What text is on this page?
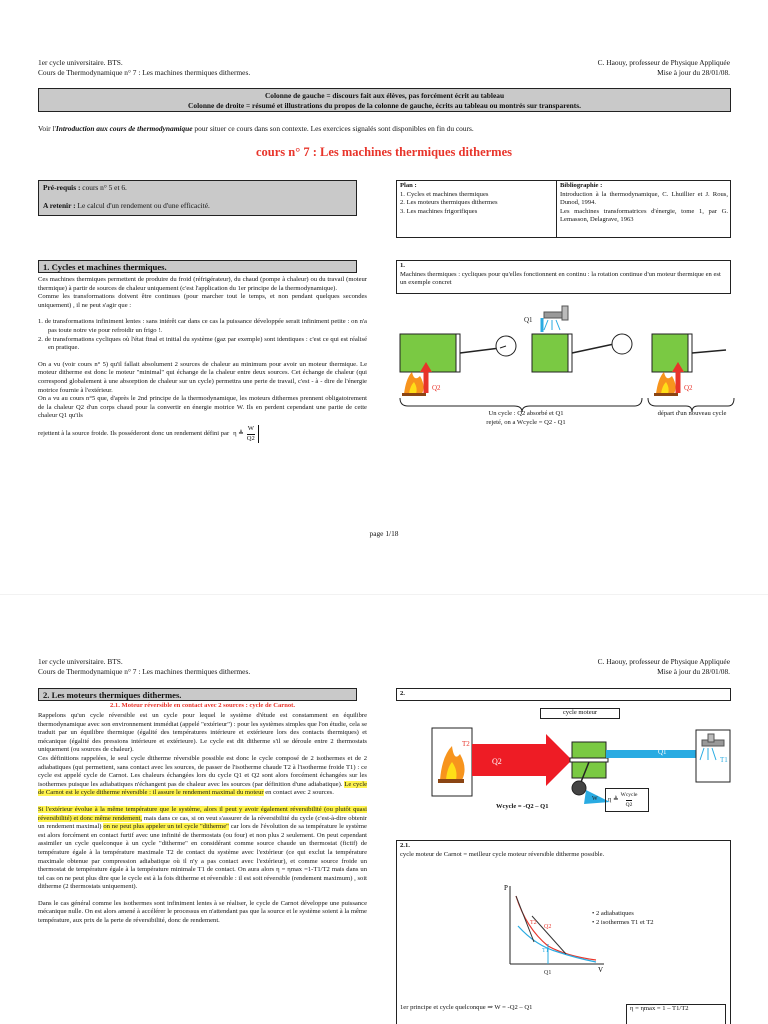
1er cycle universitaire. BTS.
Cours de Thermodynamique n° 7 : Les machines thermiques dithermes.
C. Haouy, professeur de Physique Appliquée
Mise à jour du 28/01/08.
Colonne de gauche = discours fait aux élèves, pas forcément écrit au tableau
Colonne de droite = résumé et illustrations du propos de la colonne de gauche, écrits au tableau ou montrés sur transparents.
Voir l'Introduction aux cours de thermodynamique pour situer ce cours dans son contexte. Les exercices signalés sont disponibles en fin du cours.
cours n° 7 : Les machines thermiques dithermes
Pré-requis : cours n° 5 et 6.
A retenir : Le calcul d'un rendement ou d'une efficacité.
Plan :
1. Cycles et machines thermiques
2. Les moteurs thermiques dithermes
3. Les machines frigorifiques
Bibliographie :
Introduction à la thermodynamique, C. Lhuillier et J. Rous, Dunod, 1994.
Les machines transformatrices d'énergie, tome 1, par G. Lemasson, Delagrave, 1963
1. Cycles et machines thermiques.

Ces machines thermiques permettent de produire du froid (réfrigérateur), du chaud (pompe à chaleur) ou du travail (moteur thermique) à partir de sources de chaleur uniquement (c'est l'application du 1er principe de la thermodynamique).

Comme les transformations doivent être continues (pour marcher tout le temps, et non pendant quelques secondes uniquement) , il ne peut s'agir que :

1. de transformations infiniment lentes : sans intérêt car dans ce cas la puissance développée serait infiniment petite : on n'a pas toute notre vie pour refroidir un frigo !.

2. de transformations cycliques où l'état final et initial du système (gaz par exemple) sont identiques : c'est ce qui est réalisé en pratique.

On a vu (voir cours n° 5) qu'il fallait absolument 2 sources de chaleur au minimum pour avoir un moteur thermique. Le moteur ditherme est donc le moteur "minimal" qui échange de la chaleur entre deux sources. Cet échange de chaleur (qui correspond globalement à une absorption de chaleur sur un cycle) permettra une perte de travail, c'est - à - dire de l'énergie motrice fournie à l'extérieur.

On a vu au cours n°5 que, d'après le 2nd principe de la thermodynamique, les moteurs dithermes prennent obligatoirement de la chaleur Q2 d'un corps chaud pour la convertir en énergie motrice W. Ils en perdent cependant une partie de cette chaleur Q1 qu'ils

rejettent à la source froide. Ils posséderont donc un rendement défini par η ≜ $\frac{W}{Q2}$
1.
Machines thermiques : cycliques pour qu'elles fonctionnent en continu : la rotation continue d'un moteur thermique en est un exemple concret
Q2
Q1
Q2
Un cycle : Q2 absorbé et Q1
rejeté, on a Wcycle = Q2 - Q1
départ d'un nouveau cycle
page 1/18
1er cycle universitaire. BTS.
Cours de Thermodynamique n° 7 : Les machines thermiques dithermes.
C. Haouy, professeur de Physique Appliquée
Mise à jour du 28/01/08.
2. Les moteurs thermiques dithermes.
2.1. Moteur réversible en contact avec 2 sources : cycle de Carnot.

Rappelons qu'un cycle réversible est un cycle pour lequel le système d'étude est constamment en équilibre thermodynamique avec son environnement immédiat (appelé "extérieur") : pour les systèmes simples que l'on étudie, cela se traduit par un équilibre thermique (égalité des températures intérieure et extérieure lors des contacts thermiques) et mécanique (égalité des pressions intérieure et extérieure). Le cycle est dit ditherme s'il se déroule entre 2 thermostats uniquement (ou sources de chaleur).

Ces définitions rappelées, le seul cycle ditherme réversible possible est donc le cycle composé de 2 isothermes et de 2 adiabatiques (qui permettent, sans contact avec les sources, de passer de l'isotherme chaude T2 à l'isotherme froide T1) : ce cycle est appelé cycle de Carnot. Les chaleurs échangées lors du cycle Q1 et Q2 sont alors forcément échangées sur les isothermes puisque les adiabatiques n'échangent pas de chaleur avec les sources (par définition d'une adiabatique). Le cycle de Carnot est le cycle ditherme réversible : il assure le rendement maximal du moteur en contact avec 2 sources.

Si l'extérieur évolue à la même température que le système, alors il peut y avoir également réversibilité (ou plutôt quasi réversibilité) et donc même rendement, mais dans ce cas, si on veut s'assurer de la réversibilité du cycle (c'est-à-dire obtenir un rendement maximal) on ne peut plus appeler un tel cycle "ditherme" car lors de l'évolution de sa température le système est alors forcément en contact furtif avec une infinité de thermostats (ou four) et non plus 2 seulement. On peut cependant assimiler un cycle quelconque à un cycle "ditherme" en considérant comme source chaude un thermostat (fictif) de température égale à la température maximale T2 de contact du système avec l'extérieur (ce qui exclut la température maximale obtenue par compression adiabatique où il n'y a pas contact avec l'extérieur), et comme source froide un thermostat de température égale à la température minimale T1 de contact. On aura alors η = ηmax =1-T1/T2 mais dans un tel cas on ne peut plus dire que le cycle est à la fois ditherme et réversible : il est soit réversible (rendement maximum) , soit ditherme (2 thermostats uniquement).

Dans le cas général comme les isothermes sont infiniment lentes à se réaliser, le cycle de Carnot développe une puissance mécanique nulle. On est alors amené à accélérer le processus en n'attendant pas que la source et le système soient à la même température, aux prix de la perte de réversibilité, donc de rendement.

2.
cycle moteur
T2
Q2
Q1
T1
W
Wcycle = -Q2 – Q1
η ≜
Wcycle
Q2
2.1.
cycle moteur de Carnot = meilleur cycle moteur réversible ditherme possible.
P
V
T2
Q2
T1
Q1
• 2 adiabatiques
• 2 isothermes T1 et T2
1er principe et cycle quelconque ⇒ W = -Q2 – Q1	η = ηmax = 1 – T1/T2
